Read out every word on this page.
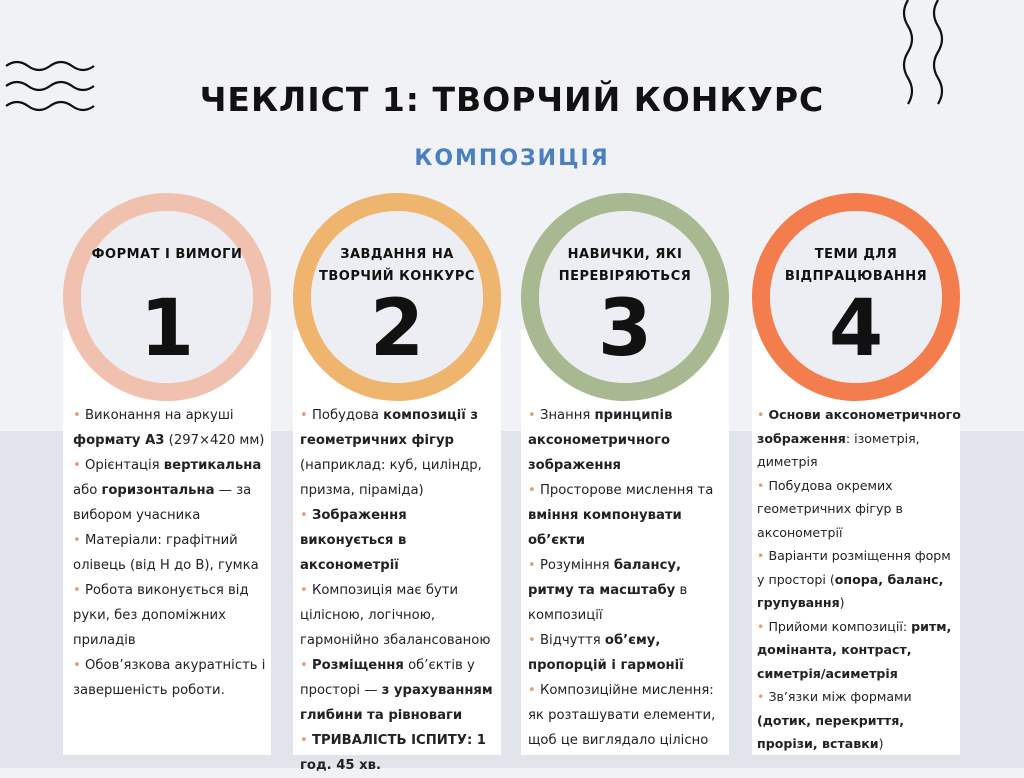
ЧЕКЛІСТ 1: ТВОРЧИЙ КОНКУРС
КОМПОЗИЦІЯ
ФОРМАТ І ВИМОГИ
1

• Виконання на аркуші формату А3 (297×420 мм)

• Орієнтація вертикальна або горизонтальна — за вибором учасника

• Матеріали: графітний олівець (від Н до В), гумка

• Робота виконується від руки, без допоміжних приладів

• Обов’язкова акуратність і завершеність роботи.

ЗАВДАННЯ НА ТВОРЧИЙ КОНКУРС
2

• Побудова композиції з геометричних фігур (наприклад: куб, циліндр, призма, піраміда)

• Зображення виконується в аксонометрії

• Композиція має бути цілісною, логічною, гармонійно збалансованою

• Розміщення об’єктів у просторі — з урахуванням глибини та рівноваги

• ТРИВАЛІСТЬ ІСПИТУ: 1 год. 45 хв.

НАВИЧКИ, ЯКІ ПЕРЕВІРЯЮТЬСЯ
3

• Знання принципів аксонометричного зображення

• Просторове мислення та вміння компонувати об’єкти

• Розуміння балансу, ритму та масштабу в композиції

• Відчуття об’єму, пропорцій і гармонії

• Композиційне мислення: як розташувати елементи, щоб це виглядало цілісно

ТЕМИ ДЛЯ ВІДПРАЦЮВАННЯ
4

• Основи аксонометричного зображення: ізометрія, диметрія

• Побудова окремих геометричних фігур в аксонометрії

• Варіанти розміщення форм у просторі (опора, баланс, групування)

• Прийоми композиції: ритм, домінанта, контраст, симетрія/асиметрія

• Зв’язки між формами (дотик, перекриття, прорізи, вставки)
